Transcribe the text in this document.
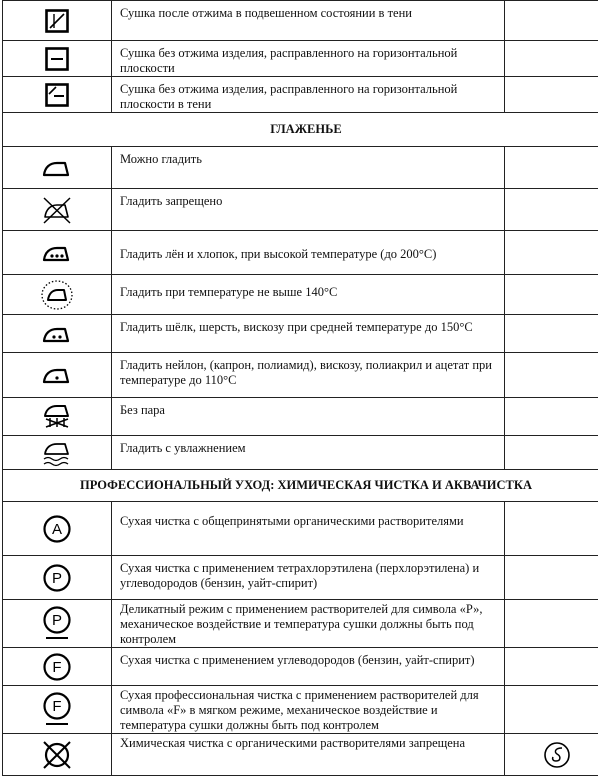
	Сушка после отжима в подвешенном состоянии в тени	
	Сушка без отжима изделия, расправленного на горизонтальной плоскости	
	Сушка без отжима изделия, расправленного на горизонтальной плоскости в тени	
ГЛАЖЕНЬЕ		
	Можно гладить	
	Гладить запрещено	
	Гладить лён и хлопок, при высокой температуре (до 200°С)	
	Гладить при температуре не выше 140°С	
	Гладить шёлк, шерсть, вискозу при средней температуре до 150°С	
	Гладить нейлон, (капрон, полиамид), вискозу, полиакрил и ацетат при температуре до 110°С	
	Без пара	
	Гладить с увлажнением	
ПРОФЕССИОНАЛЬНЫЙ УХОД: ХИМИЧЕСКАЯ ЧИСТКА И АКВАЧИСТКА		

A	Сухая чистка с общепринятыми органическими растворителями	

P	Сухая чистка с применением тетрахлорэтилена (перхлорэтилена) и углеводородов (бензин, уайт-спирит)	

P	Деликатный режим с применением растворителей для символа «Р», механическое воздействие и температура сушки должны быть под контролем	

F	Сухая чистка с применением углеводородов (бензин, уайт-спирит)	

F	Сухая профессиональная чистка с применением растворителей для символа «F» в мягком режиме, механическое воздействие и температура сушки должны быть под контролем	
	Химическая чистка с органическими растворителями запрещена	
